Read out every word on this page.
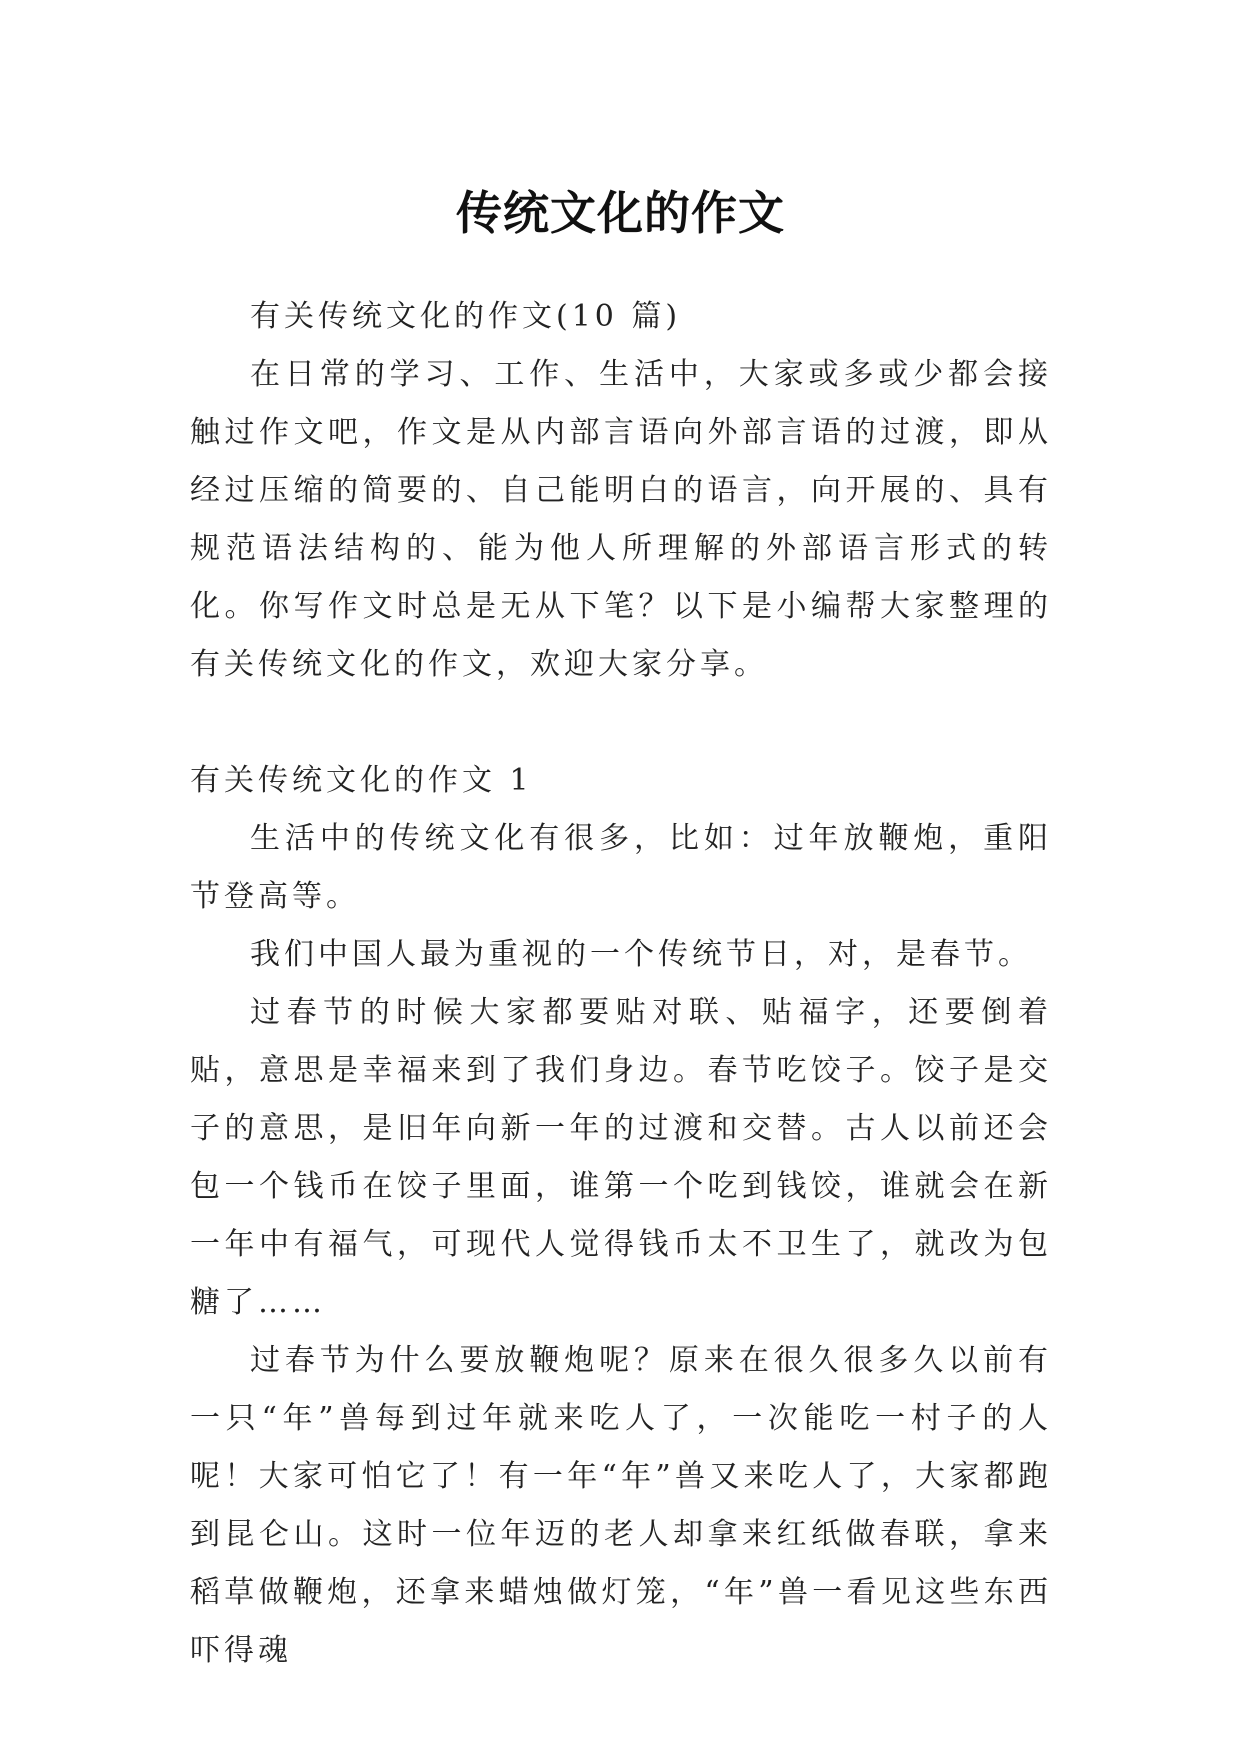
传统文化的作文

有关传统文化的作文(10 篇)

在日常的学习、工作、生活中，大家或多或少都会接触过作文吧，作文是从内部言语向外部言语的过渡，即从经过压缩的简要的、自己能明白的语言，向开展的、具有规范语法结构的、能为他人所理解的外部语言形式的转化。你写作文时总是无从下笔？以下是小编帮大家整理的有关传统文化的作文，欢迎大家分享。

有关传统文化的作文 1

生活中的传统文化有很多，比如：过年放鞭炮，重阳节登高等。

我们中国人最为重视的一个传统节日，对，是春节。

过春节的时候大家都要贴对联、贴福字，还要倒着贴，意思是幸福来到了我们身边。春节吃饺子。饺子是交子的意思，是旧年向新一年的过渡和交替。古人以前还会包一个钱币在饺子里面，谁第一个吃到钱饺，谁就会在新一年中有福气，可现代人觉得钱币太不卫生了，就改为包糖了……

过春节为什么要放鞭炮呢？原来在很久很多久以前有一只“年”兽每到过年就来吃人了，一次能吃一村子的人呢！大家可怕它了！有一年“年”兽又来吃人了，大家都跑到昆仑山。这时一位年迈的老人却拿来红纸做春联，拿来稻草做鞭炮，还拿来蜡烛做灯笼，“年”兽一看见这些东西吓得魂
